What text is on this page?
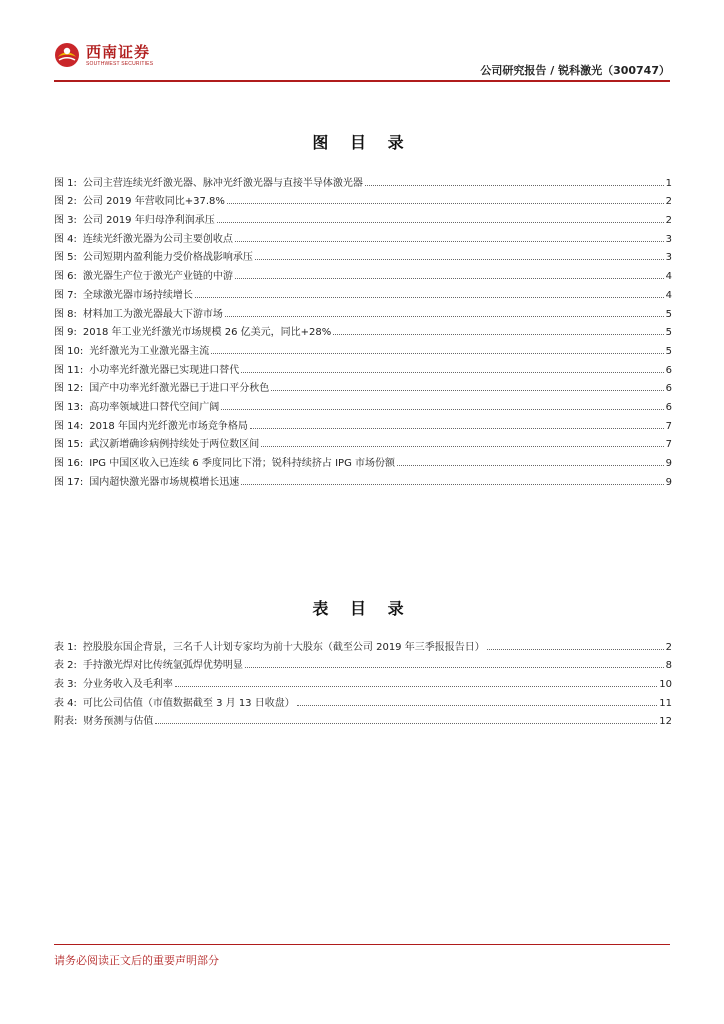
西南证券
SOUTHWEST SECURITIES
公司研究报告 / 锐科激光（300747）
图 目 录
图 1: 公司主营连续光纤激光器、脉冲光纤激光器与直接半导体激光器	1
图 2: 公司 2019 年营收同比+37.8%	2
图 3: 公司 2019 年归母净利润承压	2
图 4: 连续光纤激光器为公司主要创收点	3
图 5: 公司短期内盈利能力受价格战影响承压	3
图 6: 激光器生产位于激光产业链的中游	4
图 7: 全球激光器市场持续增长	4
图 8: 材料加工为激光器最大下游市场	5
图 9: 2018 年工业光纤激光市场规模 26 亿美元，同比+28%	5
图 10: 光纤激光为工业激光器主流	5
图 11: 小功率光纤激光器已实现进口替代	6
图 12: 国产中功率光纤激光器已于进口平分秋色	6
图 13: 高功率领域进口替代空间广阔	6
图 14: 2018 年国内光纤激光市场竞争格局	7
图 15: 武汉新增确诊病例持续处于两位数区间	7
图 16: IPG 中国区收入已连续 6 季度同比下滑；锐科持续挤占 IPG 市场份额	9
图 17: 国内超快激光器市场规模增长迅速	9
表 目 录
表 1: 控股股东国企背景，三名千人计划专家均为前十大股东（截至公司 2019 年三季报报告日）	2
表 2: 手持激光焊对比传统氩弧焊优势明显	8
表 3: 分业务收入及毛利率	10
表 4: 可比公司估值（市值数据截至 3 月 13 日收盘）	11
附表: 财务预测与估值	12
请务必阅读正文后的重要声明部分
